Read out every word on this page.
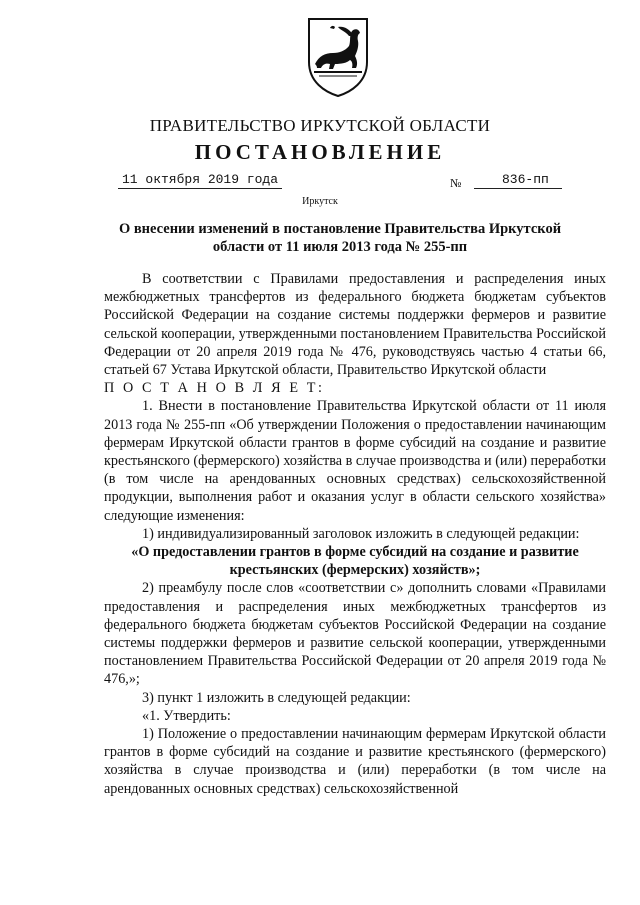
ПРАВИТЕЛЬСТВО ИРКУТСКОЙ ОБЛАСТИ
ПОСТАНОВЛЕНИЕ
11 октября 2019 года	№	836-пп
Иркутск
О внесении изменений в постановление Правительства Иркутской
области от 11 июля 2013 года № 255-пп

В соответствии с Правилами предоставления и распределения иных межбюджетных трансфертов из федерального бюджета бюджетам субъектов Российской Федерации на создание системы поддержки фермеров и развитие сельской кооперации, утвержденными постановлением Правительства Российской Федерации от 20 апреля 2019 года № 476, руководствуясь частью 4 статьи 66, статьей 67 Устава Иркутской области, Правительство Иркутской области

П О С Т А Н О В Л Я Е Т:

1. Внести в постановление Правительства Иркутской области от 11 июля 2013 года № 255-пп «Об утверждении Положения о предоставлении начинающим фермерам Иркутской области грантов в форме субсидий на создание и развитие крестьянского (фермерского) хозяйства в случае производства и (или) переработки (в том числе на арендованных основных средствах) сельскохозяйственной продукции, выполнения работ и оказания услуг в области сельского хозяйства» следующие изменения:

1) индивидуализированный заголовок изложить в следующей редакции:

«О предоставлении грантов в форме субсидий на создание и развитие крестьянских (фермерских) хозяйств»;

2) преамбулу после слов «соответствии с» дополнить словами «Правилами предоставления и распределения иных межбюджетных трансфертов из федерального бюджета бюджетам субъектов Российской Федерации на создание системы поддержки фермеров и развитие сельской кооперации, утвержденными постановлением Правительства Российской Федерации от 20 апреля 2019 года № 476,»;

3) пункт 1 изложить в следующей редакции:

«1. Утвердить:

1) Положение о предоставлении начинающим фермерам Иркутской области грантов в форме субсидий на создание и развитие крестьянского (фермерского) хозяйства в случае производства и (или) переработки (в том числе на арендованных основных средствах) сельскохозяйственной
